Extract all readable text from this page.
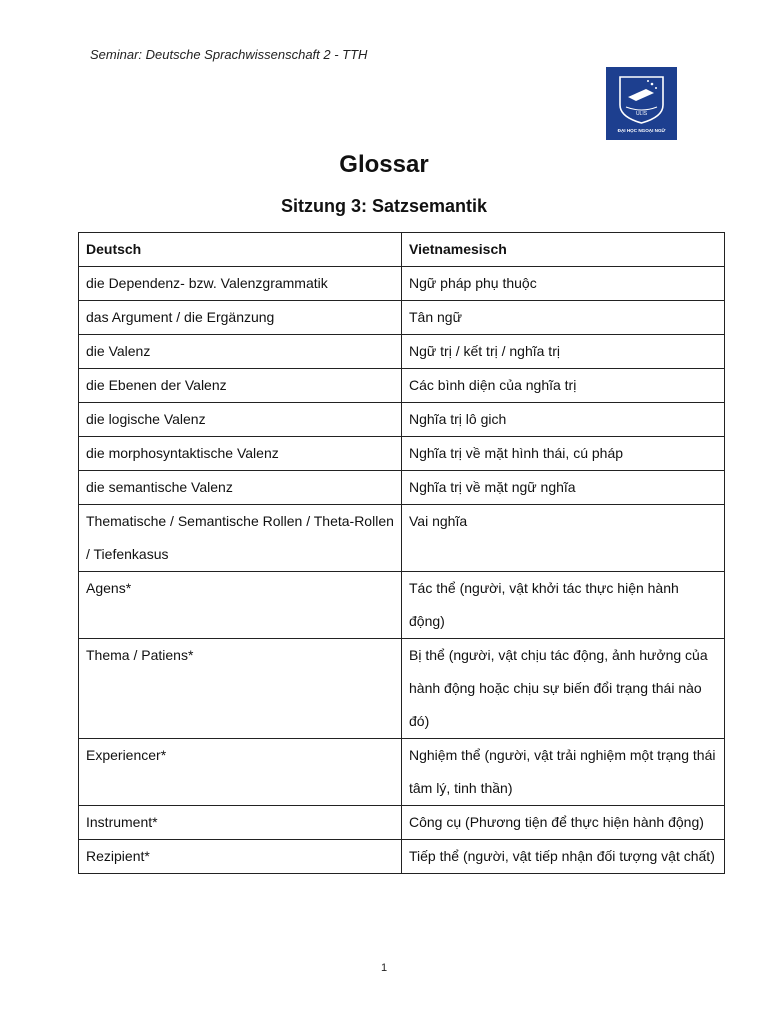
Seminar: Deutsche Sprachwissenschaft 2 - TTH
ULIS
ĐẠI HỌC NGOẠI NGỮ
Glossar
Sitzung 3: Satzsemantik
Deutsch	Vietnamesisch
die Dependenz- bzw. Valenzgrammatik	Ngữ pháp phụ thuộc
das Argument / die Ergänzung	Tân ngữ
die Valenz	Ngữ trị / kết trị / nghĩa trị
die Ebenen der Valenz	Các bình diện của nghĩa trị
die logische Valenz	Nghĩa trị lô gich
die morphosyntaktische Valenz	Nghĩa trị về mặt hình thái, cú pháp
die semantische Valenz	Nghĩa trị về mặt ngữ nghĩa
Thematische / Semantische Rollen / Theta-Rollen / Tiefenkasus	Vai nghĩa
Agens*	Tác thể (người, vật khởi tác thực hiện hành động)
Thema / Patiens*	Bị thể (người, vật chịu tác động, ảnh hưởng của hành động hoặc chịu sự biến đổi trạng thái nào đó)
Experiencer*	Nghiệm thể (người, vật trải nghiệm một trạng thái tâm lý, tinh thần)
Instrument*	Công cụ (Phương tiện để thực hiện hành động)
Rezipient*	Tiếp thể (người, vật tiếp nhận đối tượng vật chất)
1
